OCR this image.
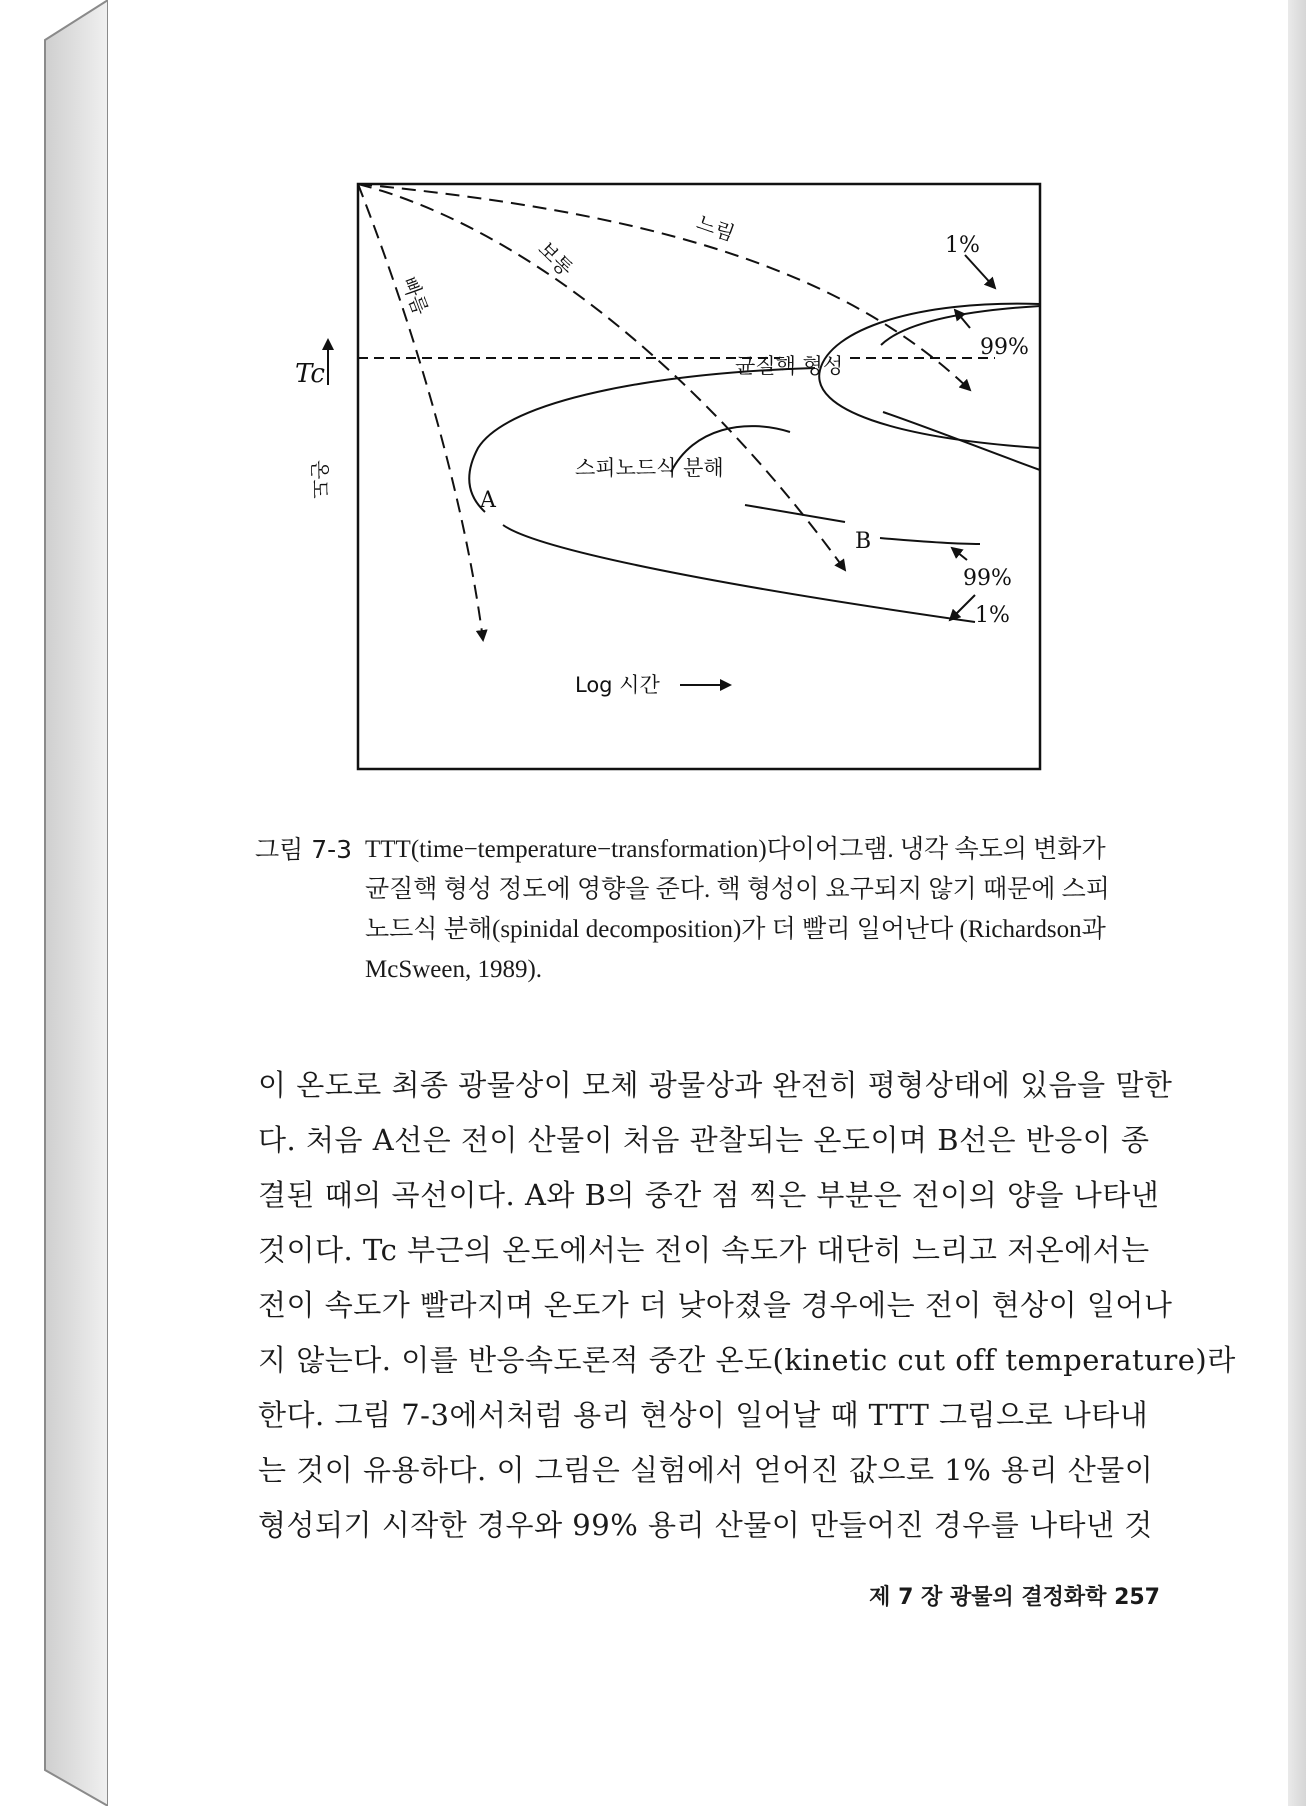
Tc
온도
빠름
보통
느림
균질핵 형성
스피노드식 분해
A
B
1%
99%
99%
1%
Log 시간
그림 7-3 TTT(time−temperature−transformation)다이어그램. 냉각 속도의 변화가
균질핵 형성 정도에 영향을 준다. 핵 형성이 요구되지 않기 때문에 스피
노드식 분해(spinidal decomposition)가 더 빨리 일어난다 (Richardson과
McSween, 1989).
이 온도로 최종 광물상이 모체 광물상과 완전히 평형상태에 있음을 말한
다. 처음 A선은 전이 산물이 처음 관찰되는 온도이며 B선은 반응이 종
결된 때의 곡선이다. A와 B의 중간 점 찍은 부분은 전이의 양을 나타낸
것이다. Tc 부근의 온도에서는 전이 속도가 대단히 느리고 저온에서는
전이 속도가 빨라지며 온도가 더 낮아졌을 경우에는 전이 현상이 일어나
지 않는다. 이를 반응속도론적 중간 온도(kinetic cut off temperature)라
한다. 그림 7-3에서처럼 용리 현상이 일어날 때 TTT 그림으로 나타내
는 것이 유용하다. 이 그림은 실험에서 얻어진 값으로 1% 용리 산물이
형성되기 시작한 경우와 99% 용리 산물이 만들어진 경우를 나타낸 것
제 7 장 광물의 결정화학 257
